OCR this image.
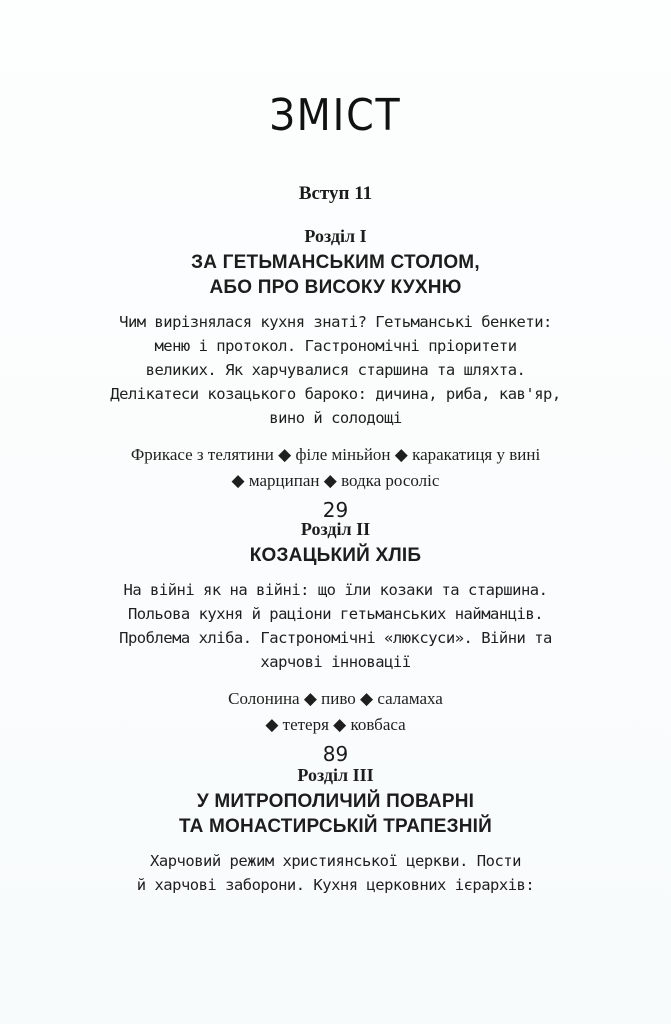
ЗМІСТ
Вступ 11
Розділ І
ЗА ГЕТЬМАНСЬКИМ СТОЛОМ,
АБО ПРО ВИСОКУ КУХНЮ
Чим вирізнялася кухня знаті? Гетьманські бенкети:
меню і протокол. Гастрономічні пріоритети
великих. Як харчувалися старшина та шляхта.
Делікатеси козацького бароко: дичина, риба, кав'яр,
вино й солодощі
Фрикасе з телятини ◆ філе міньйон ◆ каракатиця у вині
◆ марципан ◆ водка росоліс
29
Розділ ІІ
КОЗАЦЬКИЙ ХЛІБ
На війні як на війні: що їли козаки та старшина.
Польова кухня й раціони гетьманських найманців.
Проблема хліба. Гастрономічні «люксуси». Війни та
харчові інновації
Солонина ◆ пиво ◆ саламаха
◆ тетеря ◆ ковбаса
89
Розділ ІІІ
У МИТРОПОЛИЧИЙ ПОВАРНІ
ТА МОНАСТИРСЬКІЙ ТРАПЕЗНІЙ
Харчовий режим християнської церкви. Пости
й харчові заборони. Кухня церковних ієрархів:
